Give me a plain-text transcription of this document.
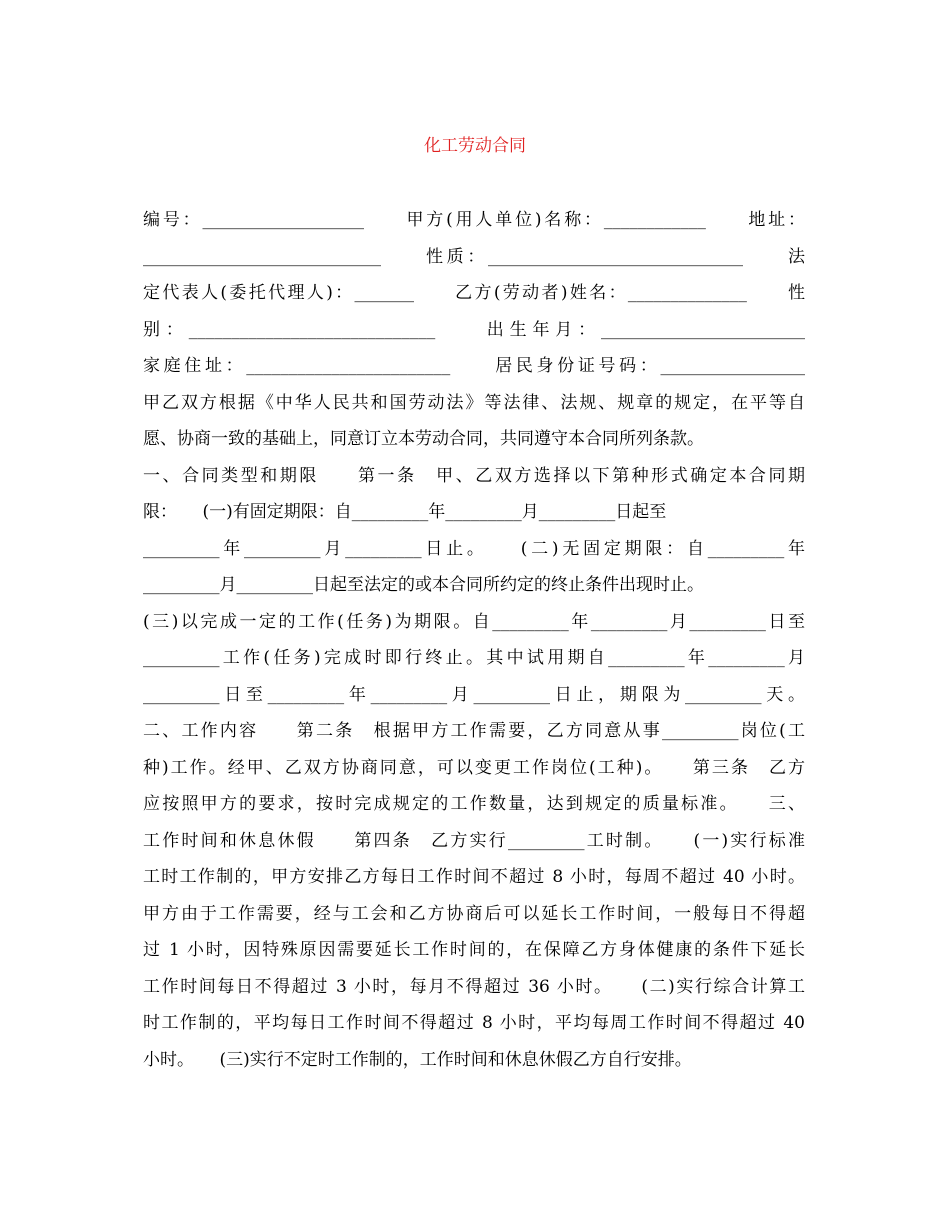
化工劳动合同
编号：___________________　　甲方(用人单位)名称：____________　　地址：
____________________________　　性质：______________________________　　法
定代表人(委托代理人)：_______　　乙方(劳动者)姓名：______________　　性
别：_____________________________　　出生年月：________________________
家庭住址：________________________　　居民身份证号码：_________________
甲乙双方根据《中华人民共和国劳动法》等法律、法规、规章的规定，在平等自
愿、协商一致的基础上，同意订立本劳动合同，共同遵守本合同所列条款。
一、合同类型和期限　　第一条　甲、乙双方选择以下第种形式确定本合同期
限：　　(一)有固定期限：自_________年_________月_________日起至
_________年_________月_________日止。　　(二)无固定期限：自_________年
_________月_________日起至法定的或本合同所约定的终止条件出现时止。
(三)以完成一定的工作(任务)为期限。自_________年_________月_________日至
_________工作(任务)完成时即行终止。其中试用期自_________年_________月
_________日至_________年_________月_________日止，期限为_________天。
二、工作内容　　第二条　根据甲方工作需要，乙方同意从事_________岗位(工
种)工作。经甲、乙双方协商同意，可以变更工作岗位(工种)。　　第三条　乙方
应按照甲方的要求，按时完成规定的工作数量，达到规定的质量标准。　　三、
工作时间和休息休假　　第四条　乙方实行_________工时制。　　(一)实行标准
工时工作制的，甲方安排乙方每日工作时间不超过 8 小时，每周不超过 40 小时。
甲方由于工作需要，经与工会和乙方协商后可以延长工作时间，一般每日不得超
过 1 小时，因特殊原因需要延长工作时间的，在保障乙方身体健康的条件下延长
工作时间每日不得超过 3 小时，每月不得超过 36 小时。　　(二)实行综合计算工
时工作制的，平均每日工作时间不得超过 8 小时，平均每周工作时间不得超过 40
小时。　　(三)实行不定时工作制的，工作时间和休息休假乙方自行安排。
